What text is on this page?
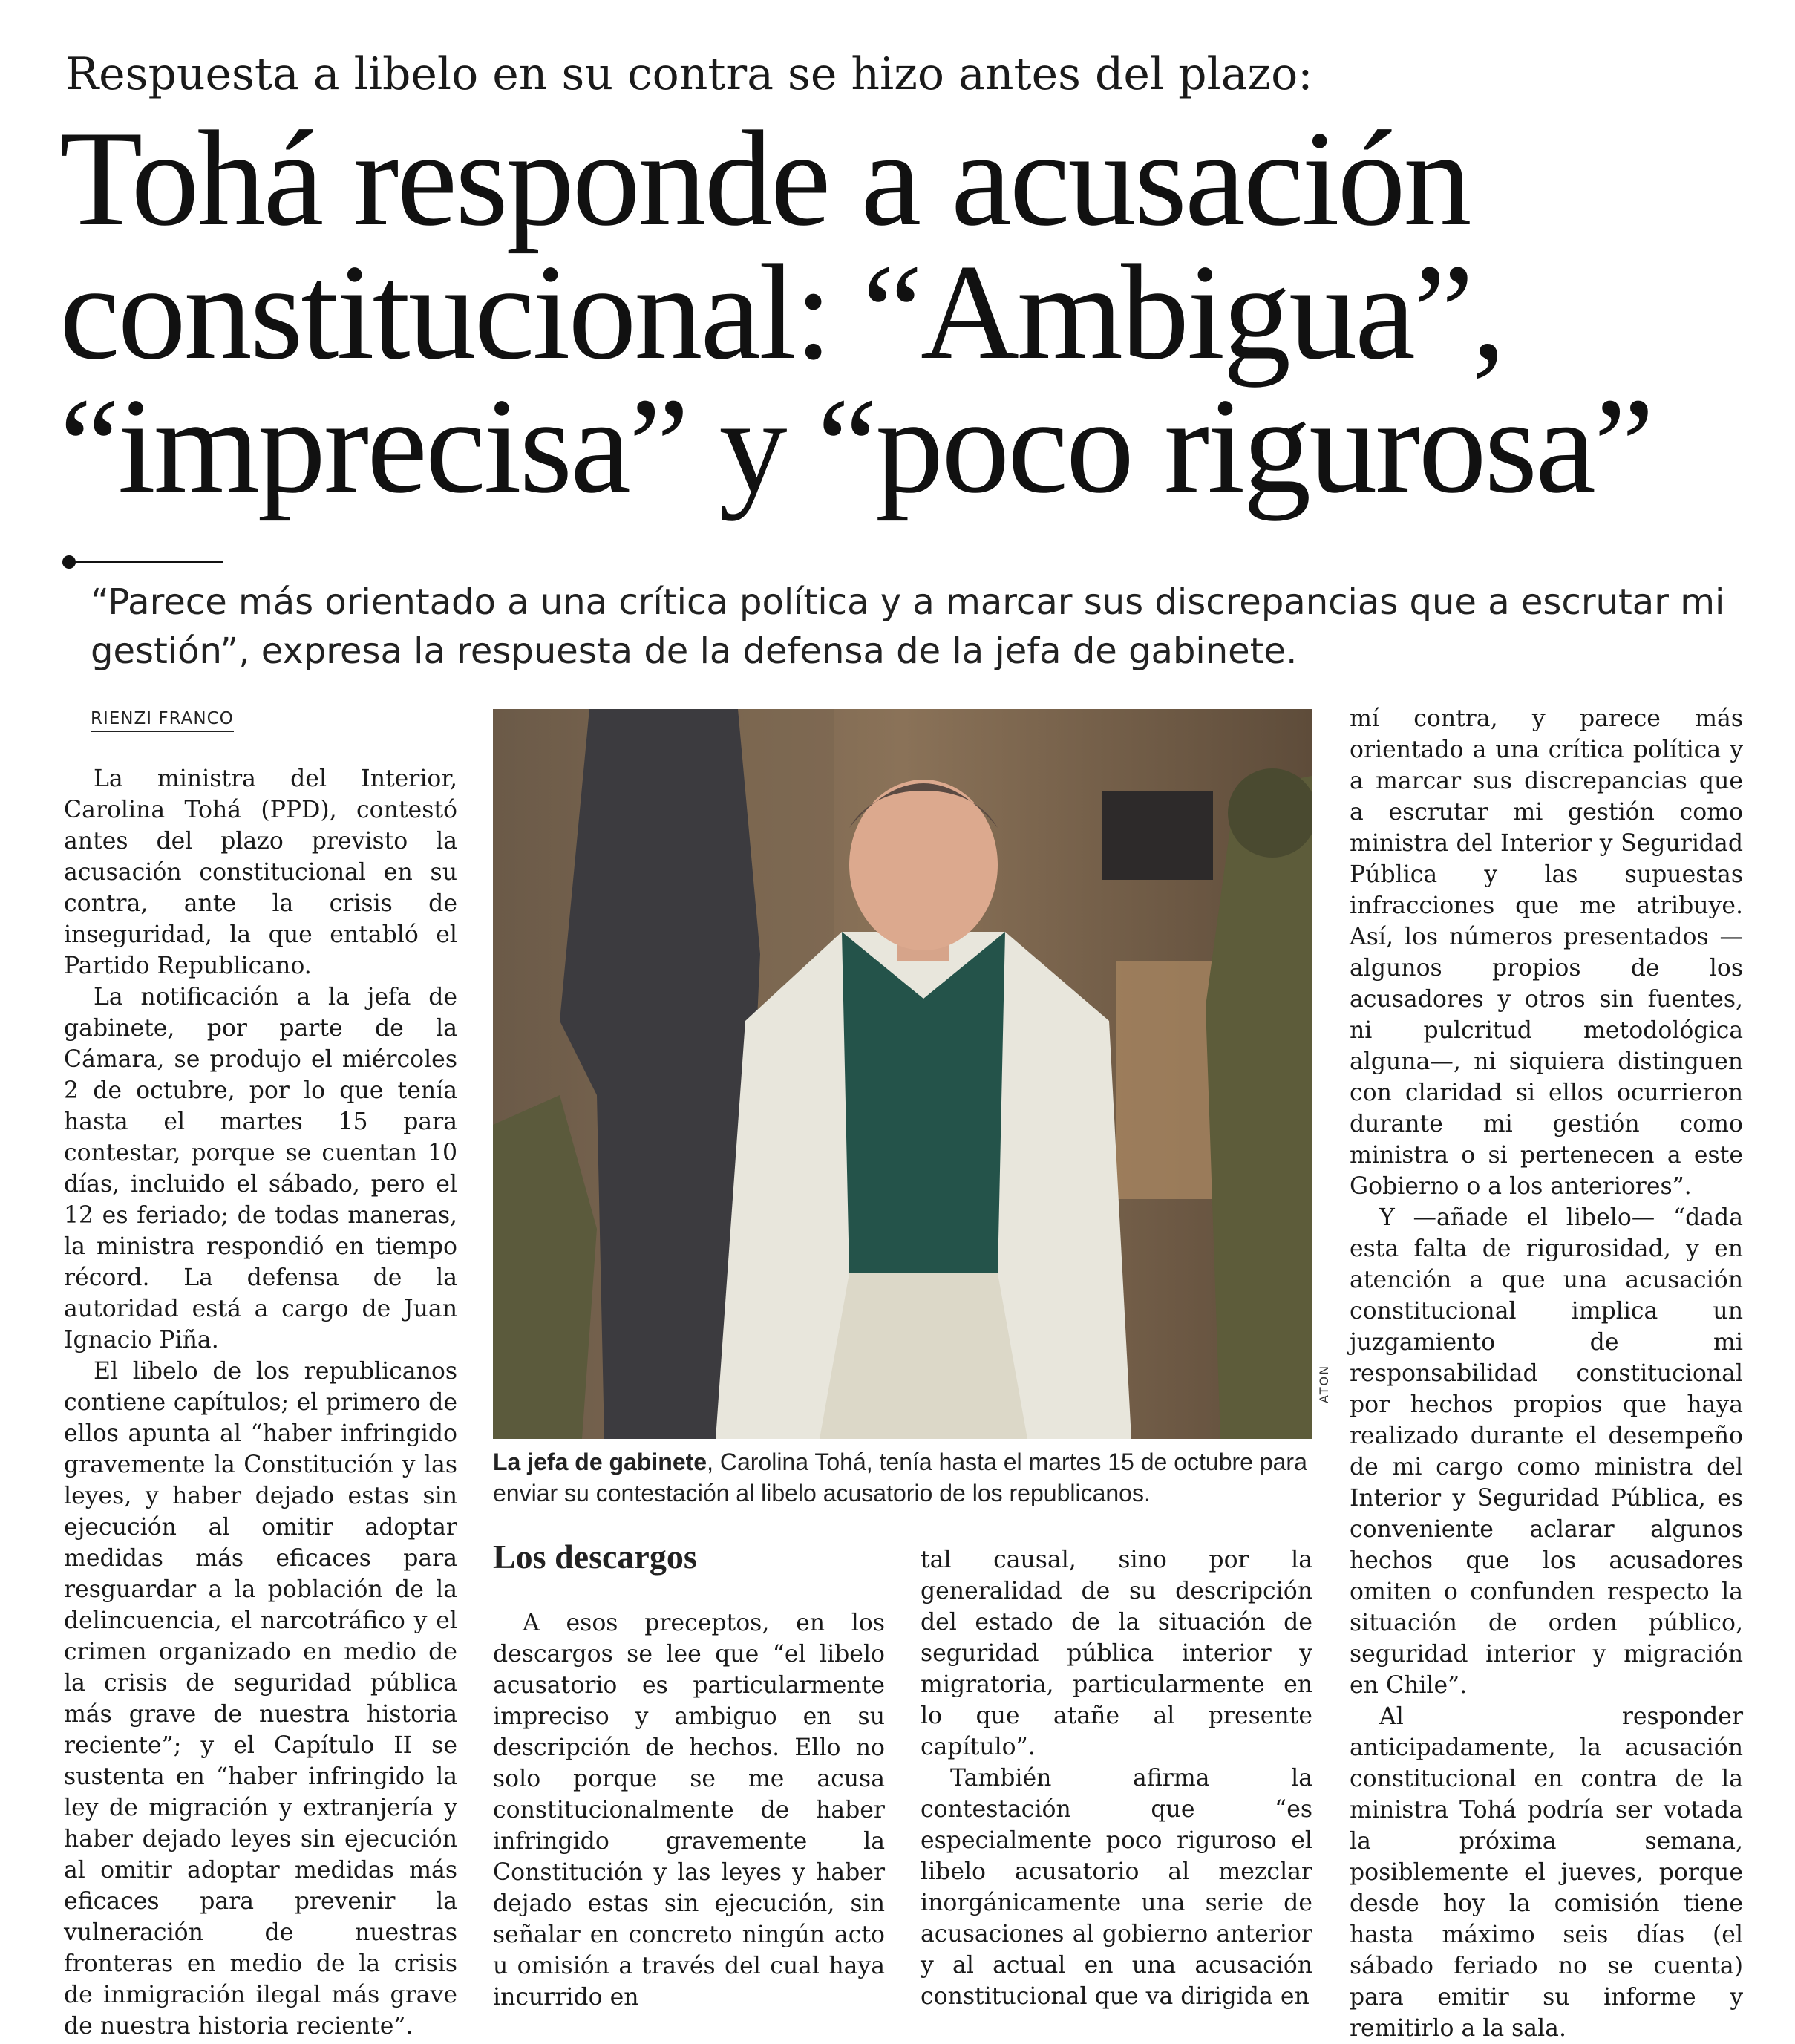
Respuesta a libelo en su contra se hizo antes del plazo:
Tohá responde a acusación constitucional: “Ambigua”, “imprecisa” y “poco rigurosa”

“Parece más orientado a una crítica política y a marcar sus discrepancias que a escrutar mi gestión”, expresa la respuesta de la defensa de la jefa de gabinete.

RIENZI FRANCO

La ministra del Interior, Carolina Tohá (PPD), contestó antes del plazo previsto la acusación constitucional en su contra, ante la crisis de inseguridad, la que entabló el Partido Republicano.

La notificación a la jefa de gabinete, por parte de la Cámara, se produjo el miércoles 2 de octubre, por lo que tenía hasta el martes 15 para contestar, porque se cuentan 10 días, incluido el sábado, pero el 12 es feriado; de todas maneras, la ministra respondió en tiempo récord. La defensa de la autoridad está a cargo de Juan Ignacio Piña.

El libelo de los republicanos contiene capítulos; el primero de ellos apunta al “haber infringido gravemente la Constitución y las leyes, y haber dejado estas sin ejecución al omitir adoptar medidas más eficaces para resguardar a la población de la delincuencia, el narcotráfico y el crimen organizado en medio de la crisis de seguridad pública más grave de nuestra historia reciente”; y el Capítulo II se sustenta en “haber infringido la ley de migración y extranjería y haber dejado leyes sin ejecución al omitir adoptar medidas más eficaces para prevenir la vulneración de nuestras fronteras en medio de la crisis de inmigración ilegal más grave de nuestra historia reciente”.

ATON

La jefa de gabinete, Carolina Tohá, tenía hasta el martes 15 de octubre para enviar su contestación al libelo acusatorio de los republicanos.

Los descargos

A esos preceptos, en los descargos se lee que “el libelo acusatorio es particularmente impreciso y ambiguo en su descripción de hechos. Ello no solo porque se me acusa constitucionalmente de haber infringido gravemente la Constitución y las leyes y haber dejado estas sin ejecución, sin señalar en concreto ningún acto u omisión a través del cual haya incurrido en

tal causal, sino por la generalidad de su descripción del estado de la situación de seguridad pública interior y migratoria, particularmente en lo que atañe al presente capítulo”.

También afirma la contestación que “es especialmente poco riguroso el libelo acusatorio al mezclar inorgánicamente una serie de acusaciones al gobierno anterior y al actual en una acusación constitucional que va dirigida en

mí contra, y parece más orientado a una crítica política y a marcar sus discrepancias que a escrutar mi gestión como ministra del Interior y Seguridad Pública y las supuestas infracciones que me atribuye. Así, los números presentados —algunos propios de los acusadores y otros sin fuentes, ni pulcritud metodológica alguna—, ni siquiera distinguen con claridad si ellos ocurrieron durante mi gestión como ministra o si pertenecen a este Gobierno o a los anteriores”.

Y —añade el libelo— “dada esta falta de rigurosidad, y en atención a que una acusación constitucional implica un juzgamiento de mi responsabilidad constitucional por hechos propios que haya realizado durante el desempeño de mi cargo como ministra del Interior y Seguridad Pública, es conveniente aclarar algunos hechos que los acusadores omiten o confunden respecto la situación de orden público, seguridad interior y migración en Chile”.

Al responder anticipadamente, la acusación constitucional en contra de la ministra Tohá podría ser votada la próxima semana, posiblemente el jueves, porque desde hoy la comisión tiene hasta máximo seis días (el sábado feriado no se cuenta) para emitir su informe y remitirlo a la sala.
